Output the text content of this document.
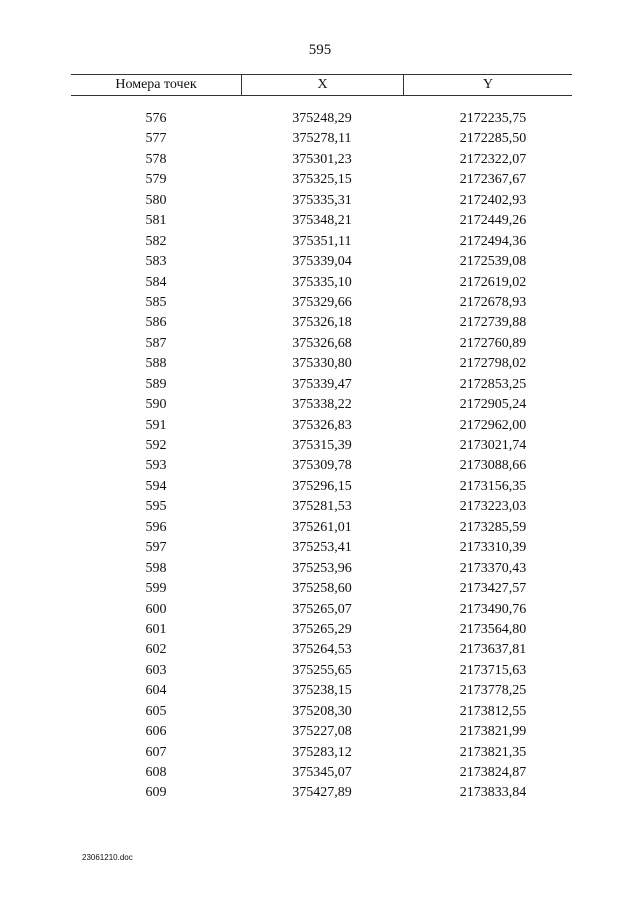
595
Номера точек	X	Y
576	375248,29	2172235,75
577	375278,11	2172285,50
578	375301,23	2172322,07
579	375325,15	2172367,67
580	375335,31	2172402,93
581	375348,21	2172449,26
582	375351,11	2172494,36
583	375339,04	2172539,08
584	375335,10	2172619,02
585	375329,66	2172678,93
586	375326,18	2172739,88
587	375326,68	2172760,89
588	375330,80	2172798,02
589	375339,47	2172853,25
590	375338,22	2172905,24
591	375326,83	2172962,00
592	375315,39	2173021,74
593	375309,78	2173088,66
594	375296,15	2173156,35
595	375281,53	2173223,03
596	375261,01	2173285,59
597	375253,41	2173310,39
598	375253,96	2173370,43
599	375258,60	2173427,57
600	375265,07	2173490,76
601	375265,29	2173564,80
602	375264,53	2173637,81
603	375255,65	2173715,63
604	375238,15	2173778,25
605	375208,30	2173812,55
606	375227,08	2173821,99
607	375283,12	2173821,35
608	375345,07	2173824,87
609	375427,89	2173833,84
23061210.doc
